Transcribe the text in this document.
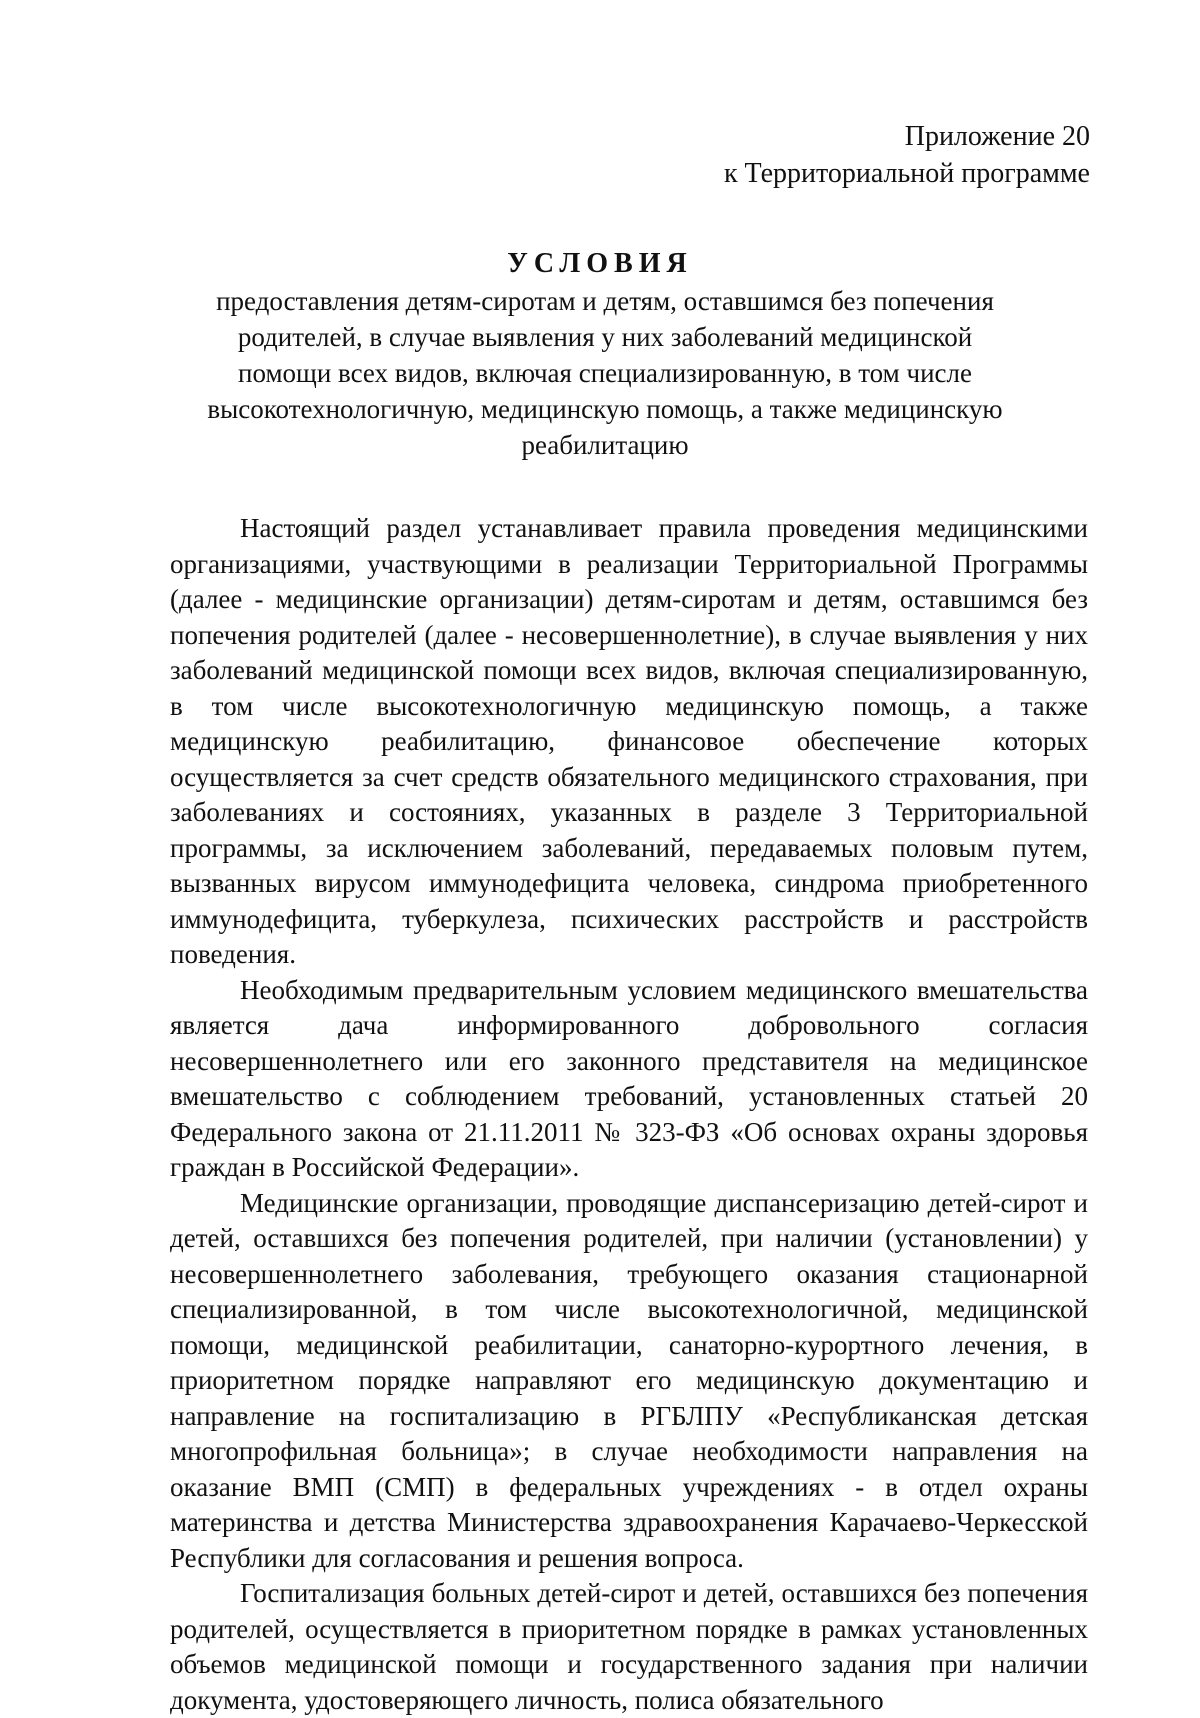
Приложение 20
к Территориальной программе
УСЛОВИЯ
предоставления детям-сиротам и детям, оставшимся без попечения родителей, в случае выявления у них заболеваний медицинской помощи всех видов, включая специализированную, в том числе высокотехнологичную, медицинскую помощь, а также медицинскую реабилитацию

Настоящий раздел устанавливает правила проведения медицинскими организациями, участвующими в реализации Территориальной Программы (далее - медицинские организации) детям-сиротам и детям, оставшимся без попечения родителей (далее - несовершеннолетние), в случае выявления у них заболеваний медицинской помощи всех видов, включая специализированную, в том числе высокотехнологичную медицинскую помощь, а также медицинскую реабилитацию, финансовое обеспечение которых осуществляется за счет средств обязательного медицинского страхования, при заболеваниях и состояниях, указанных в разделе 3 Территориальной программы, за исключением заболеваний, передаваемых половым путем, вызванных вирусом иммунодефицита человека, синдрома приобретенного иммунодефицита, туберкулеза, психических расстройств и расстройств поведения.

Необходимым предварительным условием медицинского вмешательства является дача информированного добровольного согласия несовершеннолетнего или его законного представителя на медицинское вмешательство с соблюдением требований, установленных статьей 20 Федерального закона от 21.11.2011 № 323-ФЗ «Об основах охраны здоровья граждан в Российской Федерации».

Медицинские организации, проводящие диспансеризацию детей-сирот и детей, оставшихся без попечения родителей, при наличии (установлении) у несовершеннолетнего заболевания, требующего оказания стационарной специализированной, в том числе высокотехнологичной, медицинской помощи, медицинской реабилитации, санаторно-курортного лечения, в приоритетном порядке направляют его медицинскую документацию и направление на госпитализацию в РГБЛПУ «Республиканская детская многопрофильная больница»; в случае необходимости направления на оказание ВМП (СМП) в федеральных учреждениях - в отдел охраны материнства и детства Министерства здравоохранения Карачаево-Черкесской Республики для согласования и решения вопроса.

Госпитализация больных детей-сирот и детей, оставшихся без попечения родителей, осуществляется в приоритетном порядке в рамках установленных объемов медицинской помощи и государственного задания при наличии документа, удостоверяющего личность, полиса обязательного
